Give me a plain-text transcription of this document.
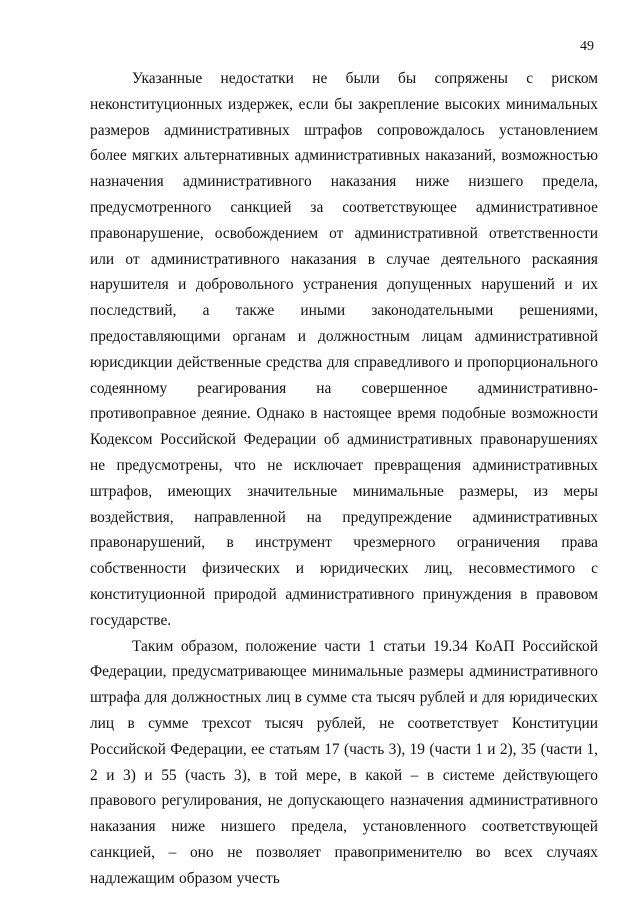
49

Указанные недостатки не были бы сопряжены с риском неконституционных издержек, если бы закрепление высоких минимальных размеров административных штрафов сопровождалось установлением более мягких альтернативных административных наказаний, возможностью назначения административного наказания ниже низшего предела, предусмотренного санкцией за соответствующее административное правонарушение, освобождением от административной ответственности или от административного наказания в случае деятельного раскаяния нарушителя и добровольного устранения допущенных нарушений и их последствий, а также иными законодательными решениями, предоставляющими органам и должностным лицам административной юрисдикции действенные средства для справедливого и пропорционального содеянному реагирования на совершенное административно-противоправное деяние. Однако в настоящее время подобные возможности Кодексом Российской Федерации об административных правонарушениях не предусмотрены, что не исключает превращения административных штрафов, имеющих значительные минимальные размеры, из меры воздействия, направленной на предупреждение административных правонарушений, в инструмент чрезмерного ограничения права собственности физических и юридических лиц, несовместимого с конституционной природой административного принуждения в правовом государстве.

Таким образом, положение части 1 статьи 19.34 КоАП Российской Федерации, предусматривающее минимальные размеры административного штрафа для должностных лиц в сумме ста тысяч рублей и для юридических лиц в сумме трехсот тысяч рублей, не соответствует Конституции Российской Федерации, ее статьям 17 (часть 3), 19 (части 1 и 2), 35 (части 1, 2 и 3) и 55 (часть 3), в той мере, в какой – в системе действующего правового регулирования, не допускающего назначения административного наказания ниже низшего предела, установленного соответствующей санкцией, – оно не позволяет правоприменителю во всех случаях надлежащим образом учесть
